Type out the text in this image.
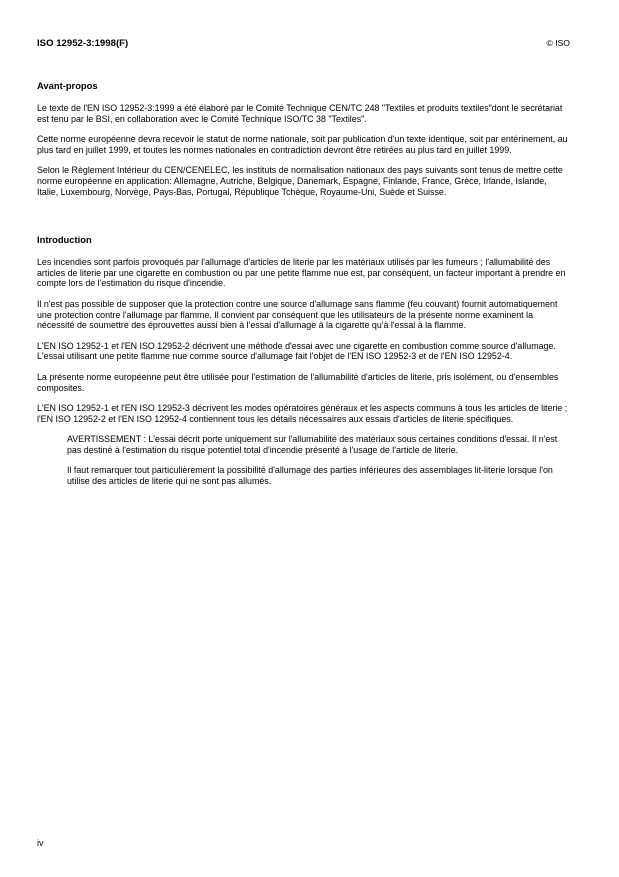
ISO 12952-3:1998(F)	© ISO
Avant-propos

Le texte de l'EN ISO 12952-3:1999 a été élaboré par le Comité Technique CEN/TC 248 "Textiles et produits textiles"dont le secrétariat est tenu par le BSI, en collaboration avec le Comité Technique ISO/TC 38 "Textiles".

Cette norme européenne devra recevoir le statut de norme nationale, soit par publication d'un texte identique, soit par entérinement, au plus tard en juillet 1999, et toutes les normes nationales en contradiction devront être retirées au plus tard en juillet 1999.

Selon le Règlement Intérieur du CEN/CENELEC, les instituts de normalisation nationaux des pays suivants sont tenus de mettre cette norme européenne en application: Allemagne, Autriche, Belgique, Danemark, Espagne, Finlande, France, Grèce, Irlande, Islande, Italie, Luxembourg, Norvège, Pays-Bas, Portugal, République Tchèque, Royaume-Uni, Suède et Suisse.

Introduction

Les incendies sont parfois provoqués par l'allumage d'articles de literie par les matériaux utilisés par les fumeurs ; l'allumabilité des articles de literie par une cigarette en combustion ou par une petite flamme nue est, par conséquent, un facteur important à prendre en compte lors de l'estimation du risque d'incendie.

Il n'est pas possible de supposer que la protection contre une source d'allumage sans flamme (feu couvant) fournit automatiquement une protection contre l'allumage par flamme. Il convient par conséquent que les utilisateurs de la présente norme examinent la nécessité de soumettre des éprouvettes aussi bien à l'essai d'allumage à la cigarette qu'à l'essai à la flamme.

L'EN ISO 12952-1 et l'EN ISO 12952-2 décrivent une méthode d'essai avec une cigarette en combustion comme source d'allumage. L'essai utilisant une petite flamme nue comme source d'allumage fait l'objet de l'EN ISO 12952-3 et de l'EN ISO 12952-4.

La présente norme européenne peut être utilisée pour l'estimation de l'allumabilité d'articles de literie, pris isolément, ou d'ensembles composites.

L'EN ISO 12952-1 et l'EN ISO 12952-3 décrivent les modes opératoires généraux et les aspects communs à tous les articles de literie ; l'EN ISO 12952-2 et l'EN ISO 12952-4 contiennent tous les détails nécessaires aux essais d'articles de literie spécifiques.

AVERTISSEMENT : L'essai décrit porte uniquement sur l'allumabilité des matériaux sous certaines conditions d'essai. Il n'est pas destiné à l'estimation du risque potentiel total d'incendie présenté à l'usage de l'article de literie.

Il faut remarquer tout particulièrement la possibilité d'allumage des parties inférieures des assemblages lit-literie lorsque l'on utilise des articles de literie qui ne sont pas allumés.

iv
